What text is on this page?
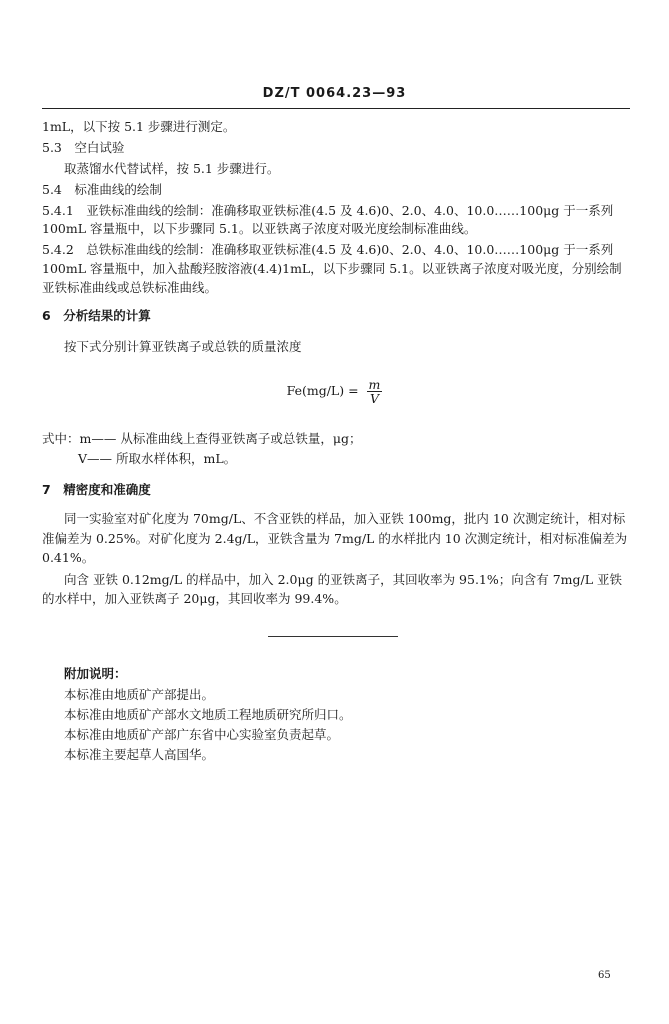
DZ/T 0064.23—93
1mL，以下按 5.1 步骤进行测定。
5.3　空白试验
取蒸馏水代替试样，按 5.1 步骤进行。
5.4　标准曲线的绘制
5.4.1　亚铁标准曲线的绘制：准确移取亚铁标准(4.5 及 4.6)0、2.0、4.0、10.0……100μg 于一系列
100mL 容量瓶中，以下步骤同 5.1。以亚铁离子浓度对吸光度绘制标准曲线。
5.4.2　总铁标准曲线的绘制：准确移取亚铁标准(4.5 及 4.6)0、2.0、4.0、10.0……100μg 于一系列
100mL 容量瓶中，加入盐酸羟胺溶液(4.4)1mL，以下步骤同 5.1。以亚铁离子浓度对吸光度，分别绘制
亚铁标准曲线或总铁标准曲线。
6　分析结果的计算
按下式分别计算亚铁离子或总铁的质量浓度
$Fe(mg/L) = \frac{m}{V}$
式中：m—— 从标准曲线上查得亚铁离子或总铁量，μg；
V—— 所取水样体积，mL。
7　精密度和准确度
同一实验室对矿化度为 70mg/L、不含亚铁的样品，加入亚铁 100mg，批内 10 次测定统计，相对标
准偏差为 0.25%。对矿化度为 2.4g/L，亚铁含量为 7mg/L 的水样批内 10 次测定统计，相对标准偏差为
0.41%。
向含 亚铁 0.12mg/L 的样品中，加入 2.0μg 的亚铁离子，其回收率为 95.1%；向含有 7mg/L 亚铁
的水样中，加入亚铁离子 20μg，其回收率为 99.4%。
附加说明：
本标准由地质矿产部提出。
本标准由地质矿产部水文地质工程地质研究所归口。
本标准由地质矿产部广东省中心实验室负责起草。
本标准主要起草人高国华。
65
